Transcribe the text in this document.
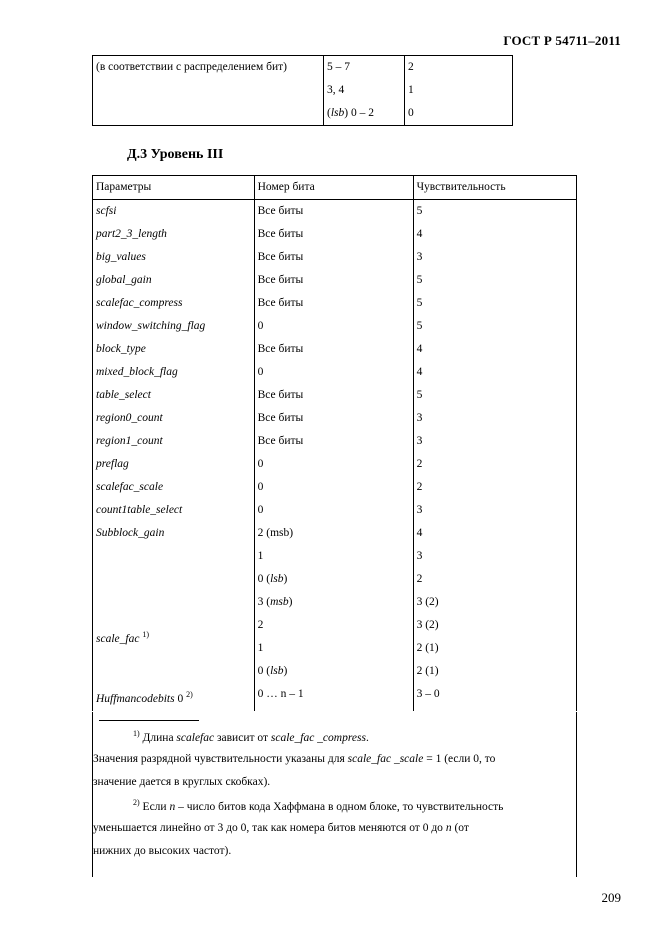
ГОСТ Р 54711–2011
(в соответствии с распределением бит)	5 – 7	2
	3, 4	1
	(lsb) 0 – 2	0
Д.3 Уровень III
Параметры	Номер бита	Чувствительность
scfsi	Все биты	5
part2_3_length	Все биты	4
big_values	Все биты	3
global_gain	Все биты	5
scalefac_compress	Все биты	5
window_switching_flag	0	5
block_type	Все биты	4
mixed_block_flag	0	4
table_select	Все биты	5
region0_count	Все биты	3
region1_count	Все биты	3
preflag	0	2
scalefac_scale	0	2
count1table_select	0	3
Subblock_gain	2 (msb)	4
	1	3
	0 (lsb)	2
scale_fac $^{1)}$	3 (msb)	3 (2)
	2	3 (2)
	1	2 (1)
	0 (lsb)	2 (1)
Huffmancodebits 0 $^{2)}$	0 … n – 1	3 – 0
$^{1)}$ Длина scalefac зависит от scale_fac _compress.
Значения разрядной чувствительности указаны для scale_fac _scale = 1 (если 0, то
значение дается в круглых скобках).
$^{2)}$ Если n – число битов кода Хаффмана в одном блоке, то чувствительность
уменьшается линейно от 3 до 0, так как номера битов меняются от 0 до n (от
нижних до высоких частот).
209
